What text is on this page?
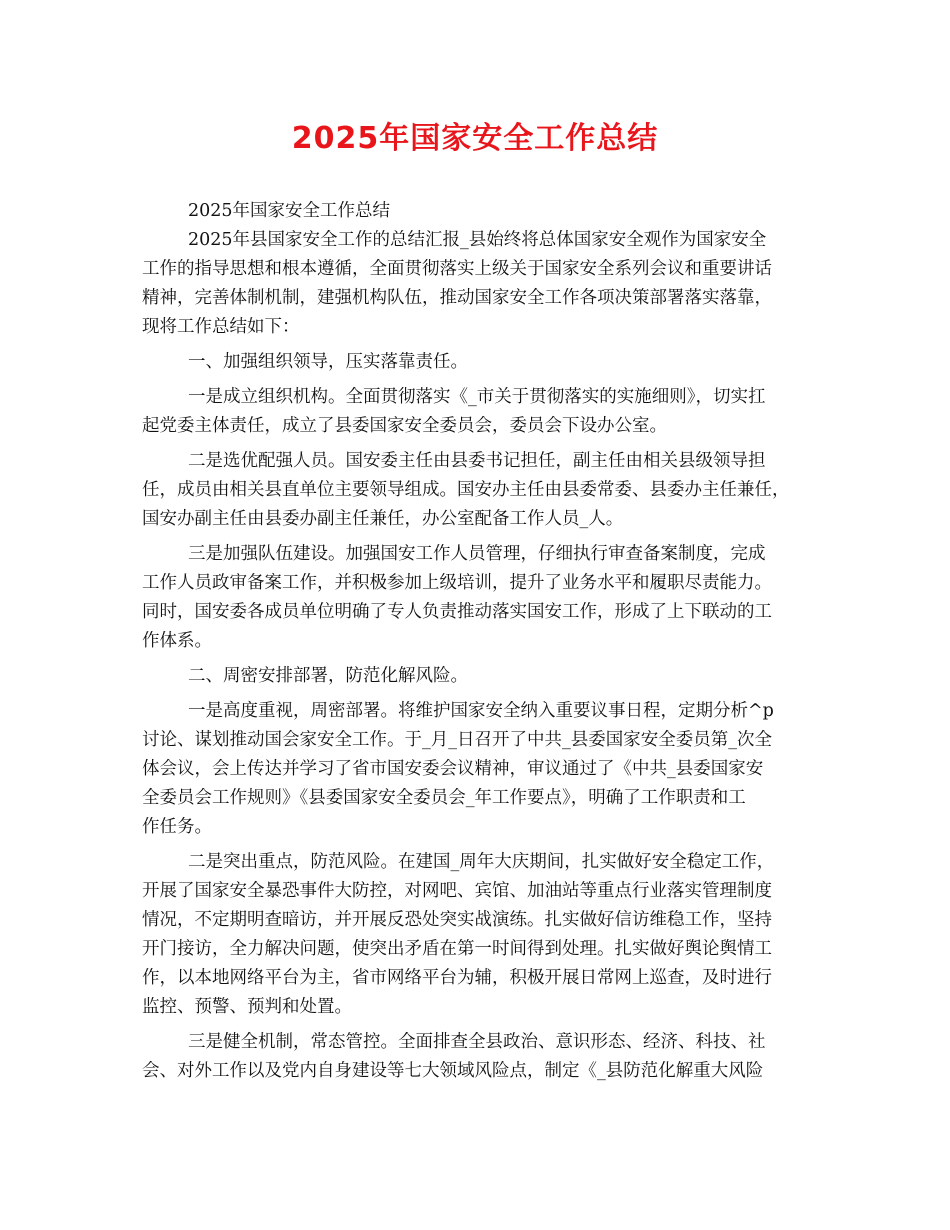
2025年国家安全工作总结
2025年国家安全工作总结
2025年县国家安全工作的总结汇报_县始终将总体国家安全观作为国家安全
工作的指导思想和根本遵循，全面贯彻落实上级关于国家安全系列会议和重要讲话
精神，完善体制机制，建强机构队伍，推动国家安全工作各项决策部署落实落靠，
现将工作总结如下：
一、加强组织领导，压实落靠责任。
一是成立组织机构。全面贯彻落实《_市关于贯彻落实的实施细则》，切实扛
起党委主体责任，成立了县委国家安全委员会，委员会下设办公室。
二是选优配强人员。国安委主任由县委书记担任，副主任由相关县级领导担
任，成员由相关县直单位主要领导组成。国安办主任由县委常委、县委办主任兼任，
国安办副主任由县委办副主任兼任，办公室配备工作人员_人。
三是加强队伍建设。加强国安工作人员管理，仔细执行审查备案制度，完成
工作人员政审备案工作，并积极参加上级培训，提升了业务水平和履职尽责能力。
同时，国安委各成员单位明确了专人负责推动落实国安工作，形成了上下联动的工
作体系。
二、周密安排部署，防范化解风险。
一是高度重视，周密部署。将维护国家安全纳入重要议事日程，定期分析^p
讨论、谋划推动国会家安全工作。于_月_日召开了中共_县委国家安全委员第_次全
体会议，会上传达并学习了省市国安委会议精神，审议通过了《中共_县委国家安
全委员会工作规则》《县委国家安全委员会_年工作要点》，明确了工作职责和工
作任务。
二是突出重点，防范风险。在建国_周年大庆期间，扎实做好安全稳定工作，
开展了国家安全暴恐事件大防控，对网吧、宾馆、加油站等重点行业落实管理制度
情况，不定期明查暗访，并开展反恐处突实战演练。扎实做好信访维稳工作，坚持
开门接访，全力解决问题，使突出矛盾在第一时间得到处理。扎实做好舆论舆情工
作，以本地网络平台为主，省市网络平台为辅，积极开展日常网上巡查，及时进行
监控、预警、预判和处置。
三是健全机制，常态管控。全面排查全县政治、意识形态、经济、科技、社
会、对外工作以及党内自身建设等七大领域风险点，制定《_县防范化解重大风险
